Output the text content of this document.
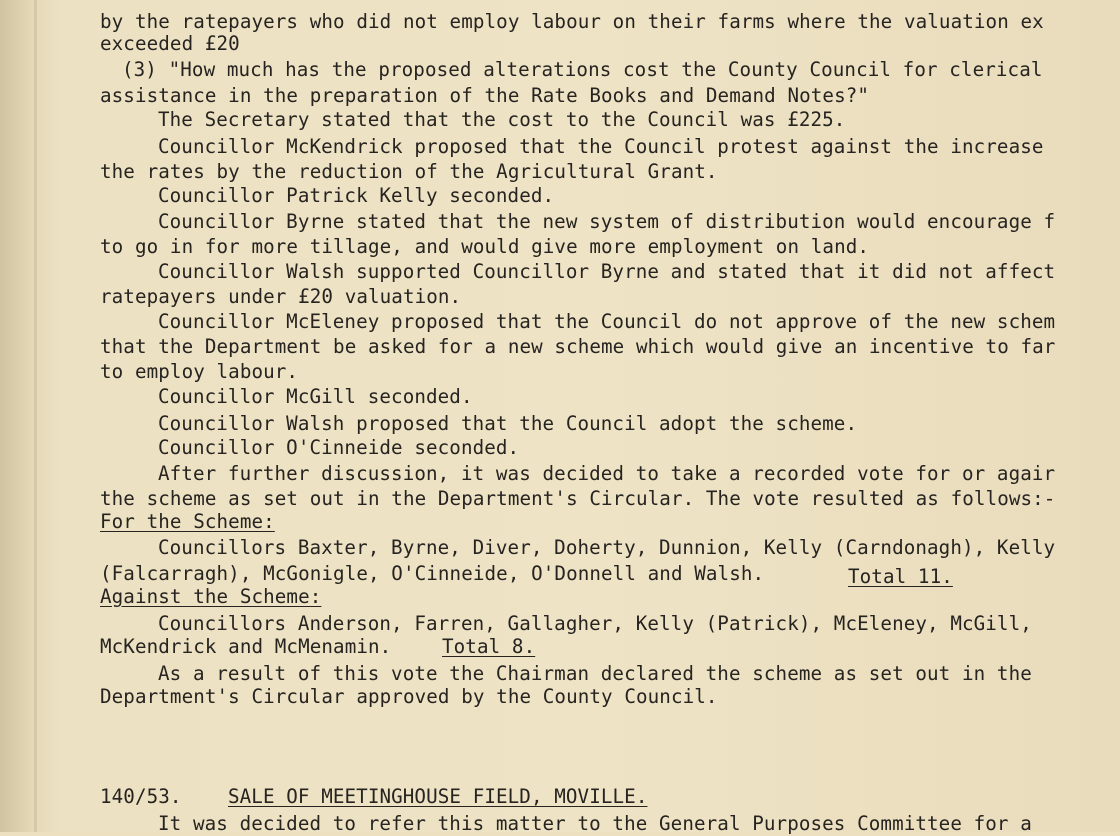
by the ratepayers who did not employ labour on their farms where the valuation ex
exceeded £20
(3) "How much has the proposed alterations cost the County Council for clerical
assistance in the preparation of the Rate Books and Demand Notes?"
The Secretary stated that the cost to the Council was £225.
Councillor McKendrick proposed that the Council protest against the increase
the rates by the reduction of the Agricultural Grant.
Councillor Patrick Kelly seconded.
Councillor Byrne stated that the new system of distribution would encourage f
to go in for more tillage, and would give more employment on land.
Councillor Walsh supported Councillor Byrne and stated that it did not affect
ratepayers under £20 valuation.
Councillor McEleney proposed that the Council do not approve of the new schem
that the Department be asked for a new scheme which would give an incentive to far
to employ labour.
Councillor McGill seconded.
Councillor Walsh proposed that the Council adopt the scheme.
Councillor O'Cinneide seconded.
After further discussion, it was decided to take a recorded vote for or agair
the scheme as set out in the Department's Circular. The vote resulted as follows:-
For the Scheme:
Councillors Baxter, Byrne, Diver, Doherty, Dunnion, Kelly (Carndonagh), Kelly
(Falcarragh), McGonigle, O'Cinneide, O'Donnell and Walsh.	Total 11.
Against the Scheme:
Councillors Anderson, Farren, Gallagher, Kelly (Patrick), McEleney, McGill,
McKendrick and McMenamin.	Total 8.
As a result of this vote the Chairman declared the scheme as set out in the
Department's Circular approved by the County Council.
140/53. SALE OF MEETINGHOUSE FIELD, MOVILLE.
It was decided to refer this matter to the General Purposes Committee for a
